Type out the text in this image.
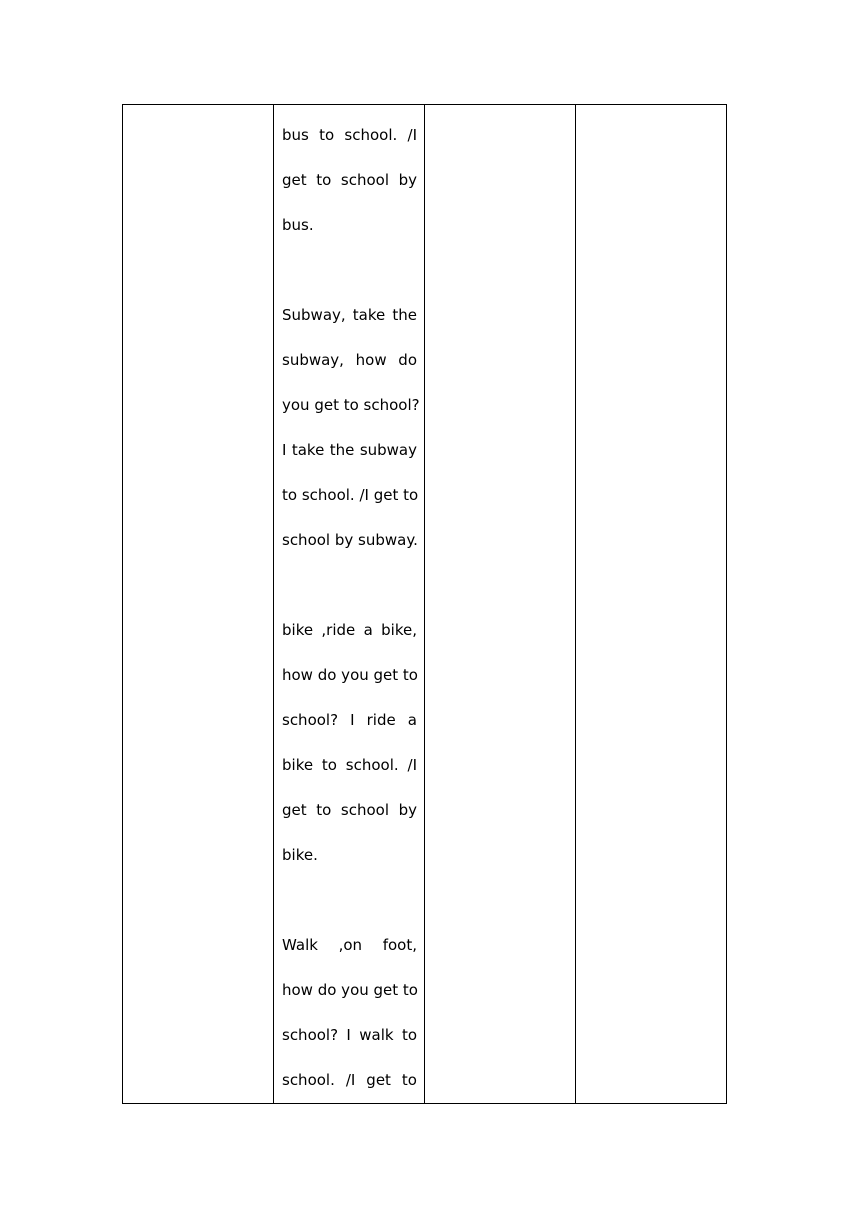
bus to school. /I
get to school by
bus.
Subway, take the
subway, how do
you get to school?
I take the subway
to school. /I get to
school by subway.
bike ,ride a bike,
how do you get to
school? I ride a
bike to school. /I
get to school by
bike.
Walk ,on foot,
how do you get to
school? I walk to
school. /I get to
